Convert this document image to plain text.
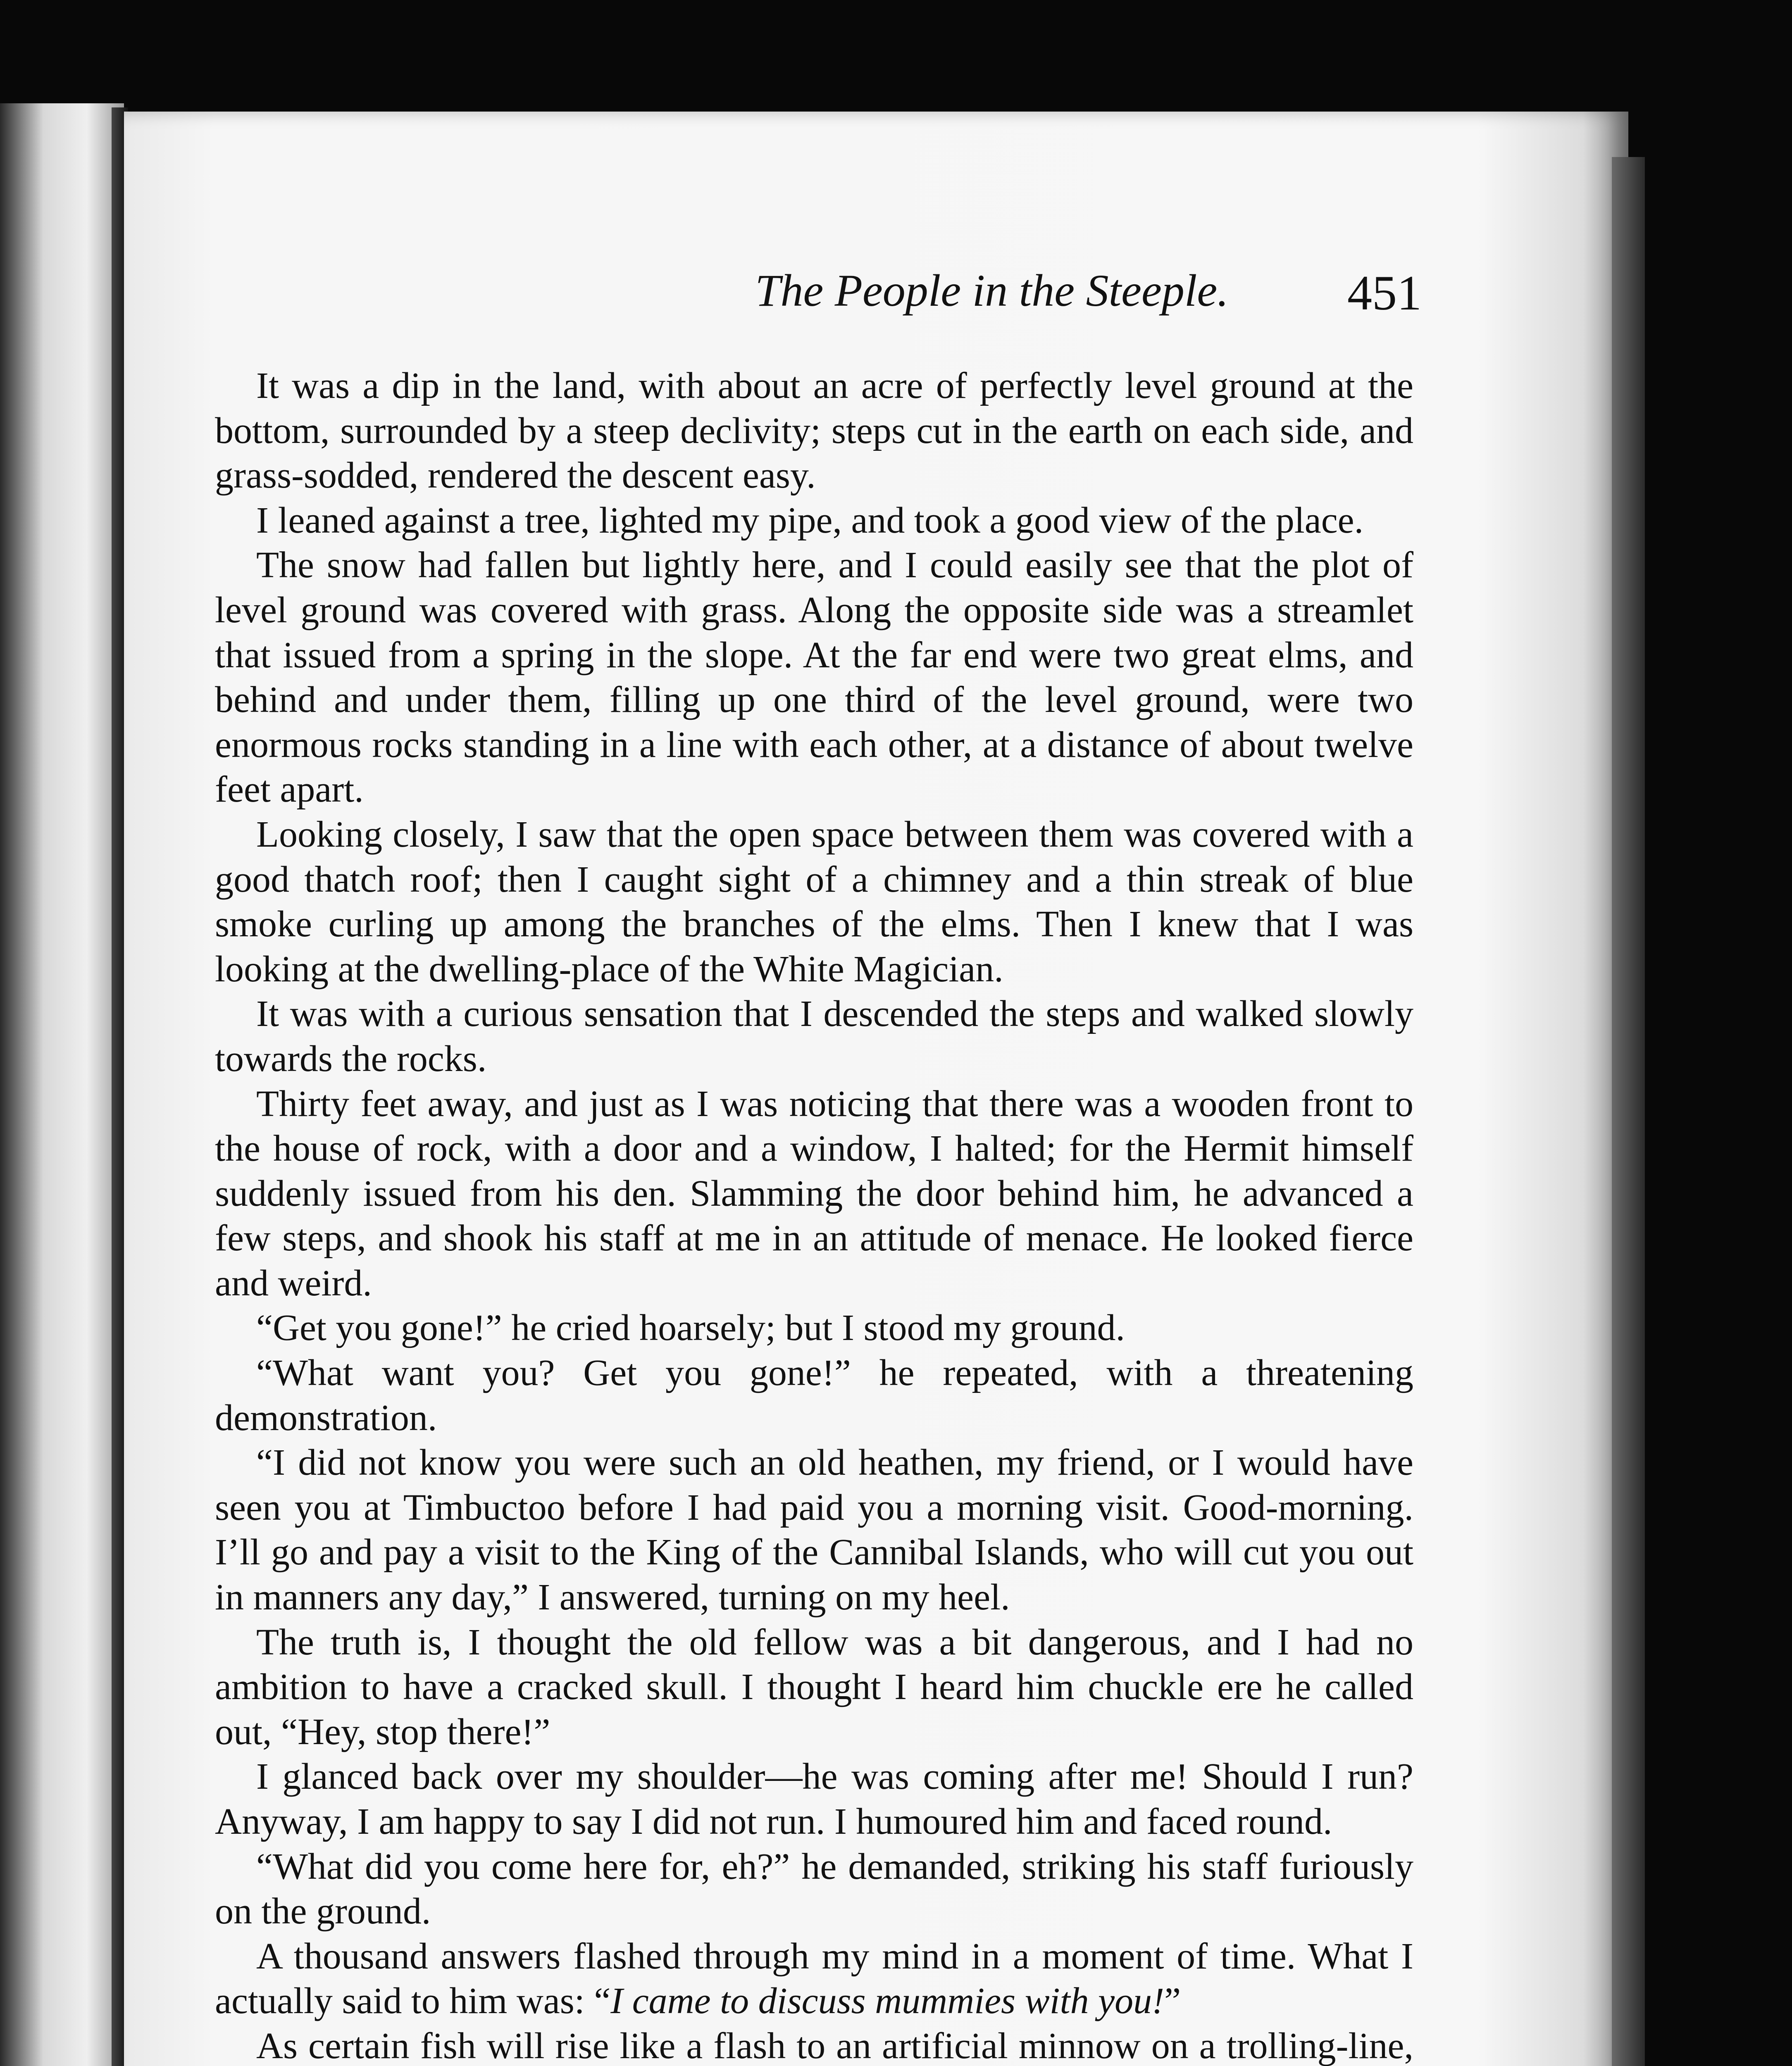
The People in the Steeple.	451

It was a dip in the land, with about an acre of perfectly level ground at the bottom, surrounded by a steep declivity; steps cut in the earth on each side, and grass-sodded, rendered the descent easy.

I leaned against a tree, lighted my pipe, and took a good view of the place.

The snow had fallen but lightly here, and I could easily see that the plot of level ground was covered with grass. Along the opposite side was a streamlet that issued from a spring in the slope. At the far end were two great elms, and behind and under them, filling up one third of the level ground, were two enormous rocks standing in a line with each other, at a distance of about twelve feet apart.

Looking closely, I saw that the open space between them was covered with a good thatch roof; then I caught sight of a chimney and a thin streak of blue smoke curling up among the branches of the elms. Then I knew that I was looking at the dwelling-place of the White Magician.

It was with a curious sensation that I descended the steps and walked slowly towards the rocks.

Thirty feet away, and just as I was noticing that there was a wooden front to the house of rock, with a door and a window, I halted; for the Hermit himself suddenly issued from his den. Slamming the door behind him, he advanced a few steps, and shook his staff at me in an attitude of menace. He looked fierce and weird.

“Get you gone!” he cried hoarsely; but I stood my ground.

“What want you? Get you gone!” he repeated, with a threatening demonstration.

“I did not know you were such an old heathen, my friend, or I would have seen you at Timbuctoo before I had paid you a morning visit. Good-morning. I’ll go and pay a visit to the King of the Cannibal Islands, who will cut you out in manners any day,” I answered, turning on my heel.

The truth is, I thought the old fellow was a bit dangerous, and I had no ambition to have a cracked skull. I thought I heard him chuckle ere he called out, “Hey, stop there!”

I glanced back over my shoulder—he was coming after me! Should I run? Anyway, I am happy to say I did not run. I humoured him and faced round.

“What did you come here for, eh?” he demanded, striking his staff furiously on the ground.

A thousand answers flashed through my mind in a moment of time. What I actually said to him was: “I came to discuss mummies with you!”

As certain fish will rise like a flash to an artificial minnow on a trolling-line,
